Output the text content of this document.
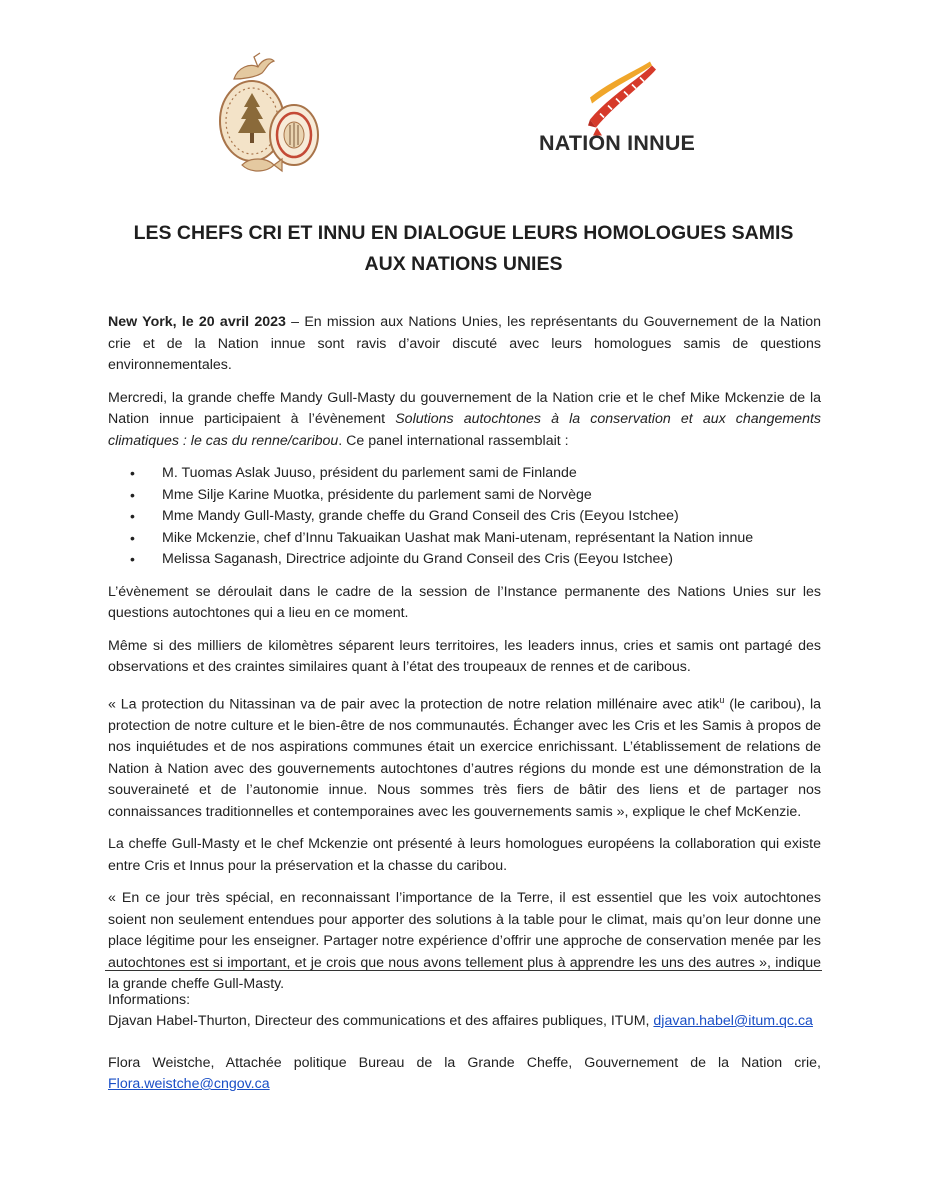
NATION INNUE
LES CHEFS CRI ET INNU EN DIALOGUE LEURS HOMOLOGUES SAMIS
AUX NATIONS UNIES

New York, le 20 avril 2023 – En mission aux Nations Unies, les représentants du Gouvernement de la Nation crie et de la Nation innue sont ravis d’avoir discuté avec leurs homologues samis de questions environnementales.

Mercredi, la grande cheffe Mandy Gull-Masty du gouvernement de la Nation crie et le chef Mike Mckenzie de la Nation innue participaient à l’évènement Solutions autochtones à la conservation et aux changements climatiques : le cas du renne/caribou. Ce panel international rassemblait :

• M. Tuomas Aslak Juuso, président du parlement sami de Finlande
• Mme Silje Karine Muotka, présidente du parlement sami de Norvège
• Mme Mandy Gull-Masty, grande cheffe du Grand Conseil des Cris (Eeyou Istchee)
• Mike Mckenzie, chef d’Innu Takuaikan Uashat mak Mani-utenam, représentant la Nation innue
• Melissa Saganash, Directrice adjointe du Grand Conseil des Cris (Eeyou Istchee)

L’évènement se déroulait dans le cadre de la session de l’Instance permanente des Nations Unies sur les questions autochtones qui a lieu en ce moment.

Même si des milliers de kilomètres séparent leurs territoires, les leaders innus, cries et samis ont partagé des observations et des craintes similaires quant à l’état des troupeaux de rennes et de caribous.

« La protection du Nitassinan va de pair avec la protection de notre relation millénaire avec atik$^u$ (le caribou), la protection de notre culture et le bien-être de nos communautés. Échanger avec les Cris et les Samis à propos de nos inquiétudes et de nos aspirations communes était un exercice enrichissant. L’établissement de relations de Nation à Nation avec des gouvernements autochtones d’autres régions du monde est une démonstration de la souveraineté et de l’autonomie innue. Nous sommes très fiers de bâtir des liens et de partager nos connaissances traditionnelles et contemporaines avec les gouvernements samis », explique le chef McKenzie.

La cheffe Gull-Masty et le chef Mckenzie ont présenté à leurs homologues européens la collaboration qui existe entre Cris et Innus pour la préservation et la chasse du caribou.

« En ce jour très spécial, en reconnaissant l’importance de la Terre, il est essentiel que les voix autochtones soient non seulement entendues pour apporter des solutions à la table pour le climat, mais qu’on leur donne une place légitime pour les enseigner. Partager notre expérience d’offrir une approche de conservation menée par les autochtones est si important, et je crois que nous avons tellement plus à apprendre les uns des autres », indique la grande cheffe Gull-Masty.

Informations:

Djavan Habel-Thurton, Directeur des communications et des affaires publiques, ITUM, djavan.habel@itum.qc.ca

Flora Weistche, Attachée politique Bureau de la Grande Cheffe, Gouvernement de la Nation crie, Flora.weistche@cngov.ca
